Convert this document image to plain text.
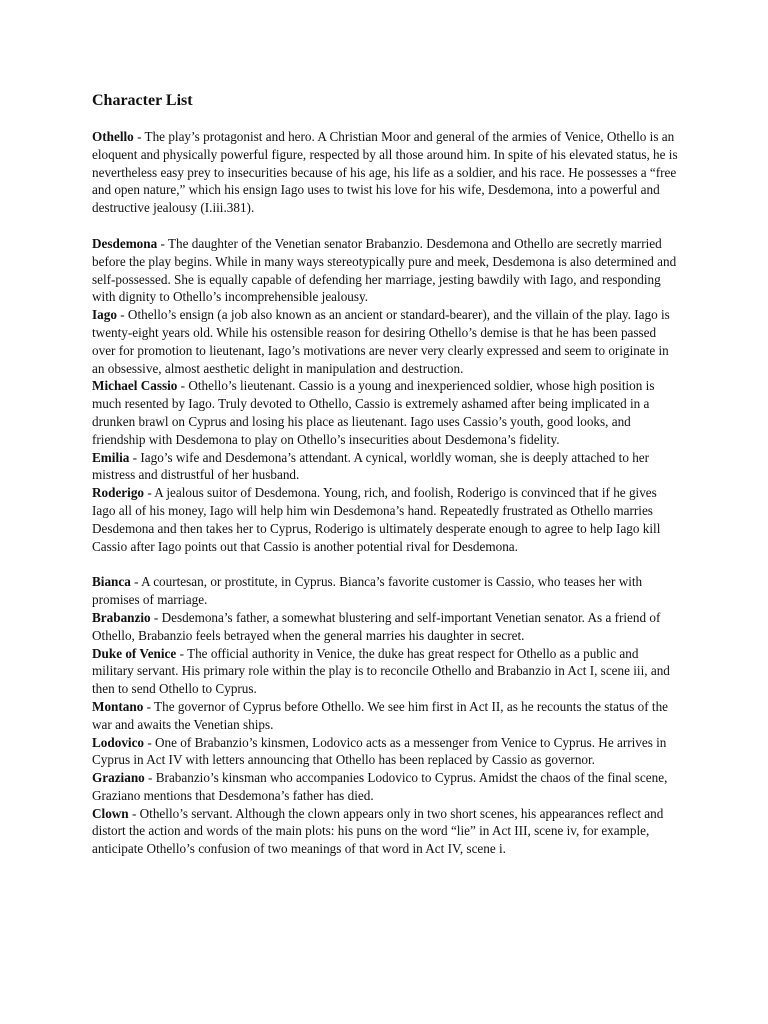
Character List

Othello - The play’s protagonist and hero. A Christian Moor and general of the armies of Venice, Othello is an eloquent and physically powerful figure, respected by all those around him. In spite of his elevated status, he is nevertheless easy prey to insecurities because of his age, his life as a soldier, and his race. He possesses a “free and open nature,” which his ensign Iago uses to twist his love for his wife, Desdemona, into a powerful and destructive jealousy (I.iii.381).

Desdemona - The daughter of the Venetian senator Brabanzio. Desdemona and Othello are secretly married before the play begins. While in many ways stereotypically pure and meek, Desdemona is also determined and self-possessed. She is equally capable of defending her marriage, jesting bawdily with Iago, and responding with dignity to Othello’s incomprehensible jealousy.

Iago - Othello’s ensign (a job also known as an ancient or standard-bearer), and the villain of the play. Iago is twenty-eight years old. While his ostensible reason for desiring Othello’s demise is that he has been passed over for promotion to lieutenant, Iago’s motivations are never very clearly expressed and seem to originate in an obsessive, almost aesthetic delight in manipulation and destruction.

Michael Cassio - Othello’s lieutenant. Cassio is a young and inexperienced soldier, whose high position is much resented by Iago. Truly devoted to Othello, Cassio is extremely ashamed after being implicated in a drunken brawl on Cyprus and losing his place as lieutenant. Iago uses Cassio’s youth, good looks, and friendship with Desdemona to play on Othello’s insecurities about Desdemona’s fidelity.

Emilia - Iago’s wife and Desdemona’s attendant. A cynical, worldly woman, she is deeply attached to her mistress and distrustful of her husband.

Roderigo - A jealous suitor of Desdemona. Young, rich, and foolish, Roderigo is convinced that if he gives Iago all of his money, Iago will help him win Desdemona’s hand. Repeatedly frustrated as Othello marries Desdemona and then takes her to Cyprus, Roderigo is ultimately desperate enough to agree to help Iago kill Cassio after Iago points out that Cassio is another potential rival for Desdemona.

Bianca - A courtesan, or prostitute, in Cyprus. Bianca’s favorite customer is Cassio, who teases her with promises of marriage.

Brabanzio - Desdemona’s father, a somewhat blustering and self-important Venetian senator. As a friend of Othello, Brabanzio feels betrayed when the general marries his daughter in secret.

Duke of Venice - The official authority in Venice, the duke has great respect for Othello as a public and military servant. His primary role within the play is to reconcile Othello and Brabanzio in Act I, scene iii, and then to send Othello to Cyprus.

Montano - The governor of Cyprus before Othello. We see him first in Act II, as he recounts the status of the war and awaits the Venetian ships.

Lodovico - One of Brabanzio’s kinsmen, Lodovico acts as a messenger from Venice to Cyprus. He arrives in Cyprus in Act IV with letters announcing that Othello has been replaced by Cassio as governor.

Graziano - Brabanzio’s kinsman who accompanies Lodovico to Cyprus. Amidst the chaos of the final scene, Graziano mentions that Desdemona’s father has died.

Clown - Othello’s servant. Although the clown appears only in two short scenes, his appearances reflect and distort the action and words of the main plots: his puns on the word “lie” in Act III, scene iv, for example, anticipate Othello’s confusion of two meanings of that word in Act IV, scene i.
